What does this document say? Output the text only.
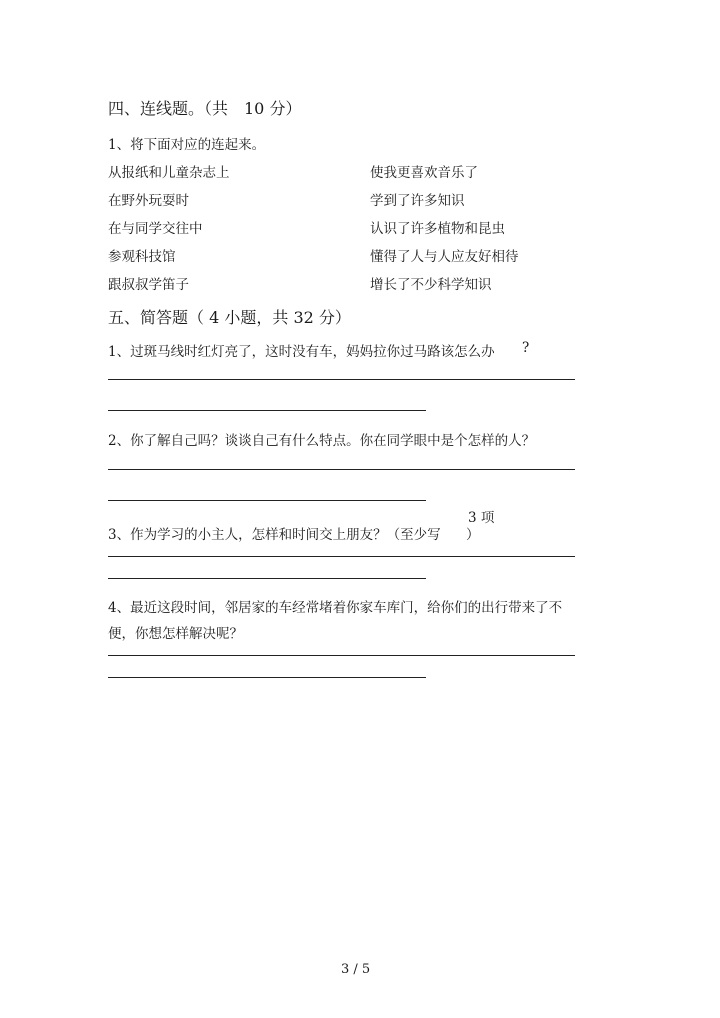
四、连线题。（共　10 分）
1、将下面对应的连起来。
从报纸和儿童杂志上
在野外玩耍时
在与同学交往中
参观科技馆
跟叔叔学笛子
使我更喜欢音乐了
学到了许多知识
认识了许多植物和昆虫
懂得了人与人应友好相待
增长了不少科学知识
五、简答题（ 4 小题，共 32 分）
1、过斑马线时红灯亮了，这时没有车，妈妈拉你过马路该怎么办 ?
2、你了解自己吗？谈谈自己有什么特点。你在同学眼中是个怎样的人？
3 项
3、作为学习的小主人，怎样和时间交上朋友？（至少写 ）
4、最近这段时间，邻居家的车经常堵着你家车库门，给你们的出行带来了不
便，你想怎样解决呢？
3 / 5
